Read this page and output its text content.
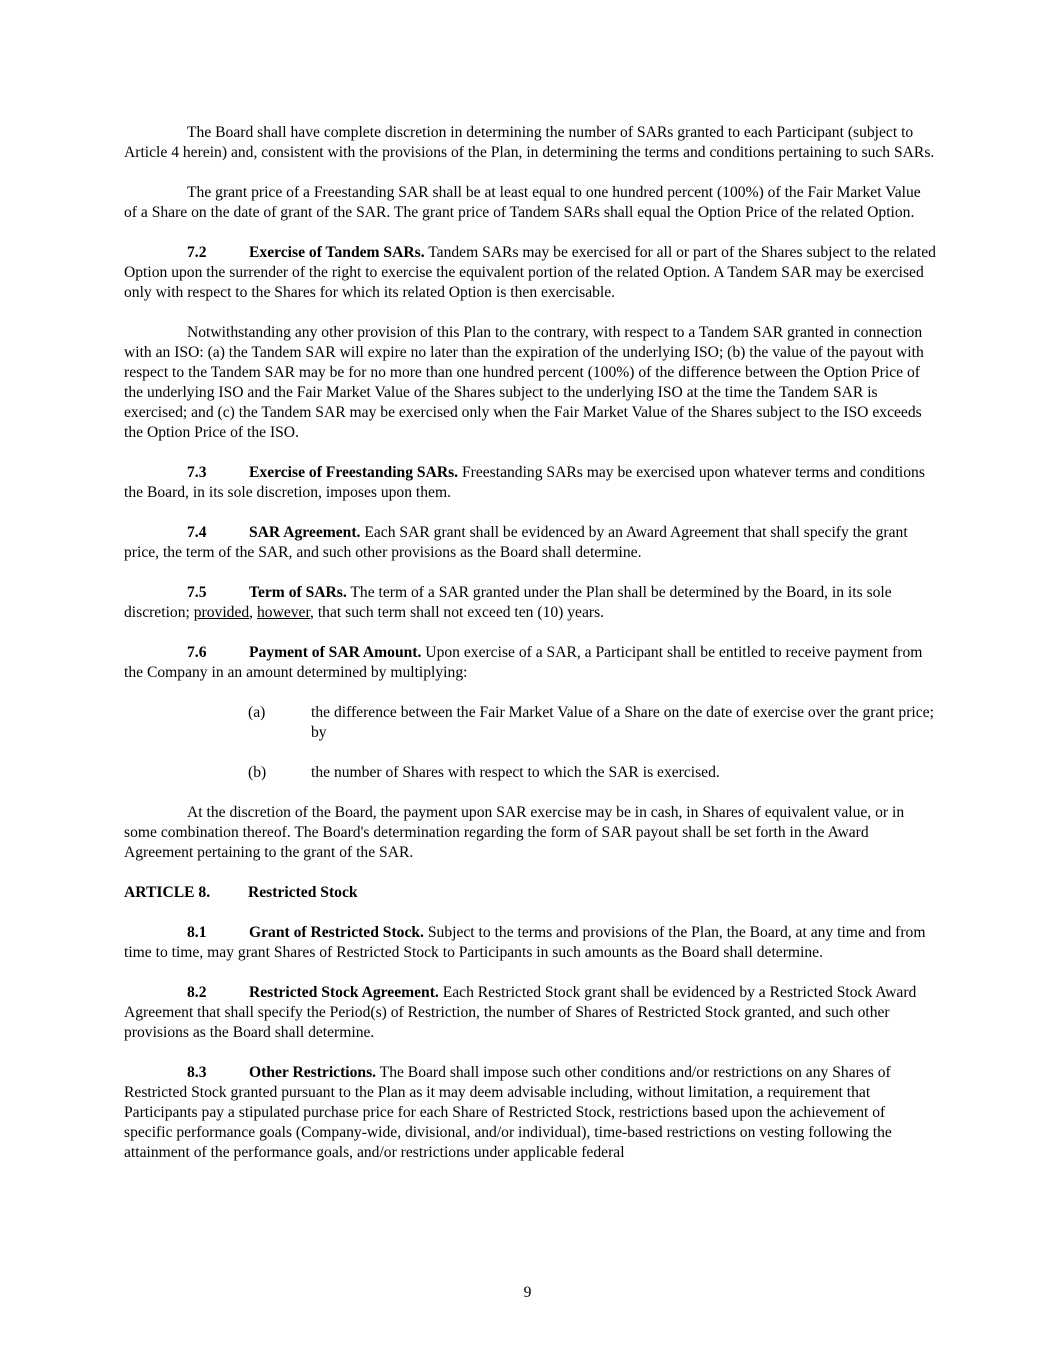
The Board shall have complete discretion in determining the number of SARs granted to each Participant (subject to Article 4 herein) and, consistent with the provisions of the Plan, in determining the terms and conditions pertaining to such SARs.

The grant price of a Freestanding SAR shall be at least equal to one hundred percent (100%) of the Fair Market Value of a Share on the date of grant of the SAR. The grant price of Tandem SARs shall equal the Option Price of the related Option.

7.2	Exercise of Tandem SARs. Tandem SARs may be exercised for all or part of the Shares subject to the related Option upon the surrender of the right to exercise the equivalent portion of the related Option. A Tandem SAR may be exercised only with respect to the Shares for which its related Option is then exercisable.

Notwithstanding any other provision of this Plan to the contrary, with respect to a Tandem SAR granted in connection with an ISO: (a) the Tandem SAR will expire no later than the expiration of the underlying ISO; (b) the value of the payout with respect to the Tandem SAR may be for no more than one hundred percent (100%) of the difference between the Option Price of the underlying ISO and the Fair Market Value of the Shares subject to the underlying ISO at the time the Tandem SAR is exercised; and (c) the Tandem SAR may be exercised only when the Fair Market Value of the Shares subject to the ISO exceeds the Option Price of the ISO.

7.3	Exercise of Freestanding SARs. Freestanding SARs may be exercised upon whatever terms and conditions the Board, in its sole discretion, imposes upon them.

7.4	SAR Agreement. Each SAR grant shall be evidenced by an Award Agreement that shall specify the grant price, the term of the SAR, and such other provisions as the Board shall determine.

7.5	Term of SARs. The term of a SAR granted under the Plan shall be determined by the Board, in its sole discretion; provided, however, that such term shall not exceed ten (10) years.

7.6	Payment of SAR Amount. Upon exercise of a SAR, a Participant shall be entitled to receive payment from the Company in an amount determined by multiplying:

(a)	the difference between the Fair Market Value of a Share on the date of exercise over the grant price; by
(b)	the number of Shares with respect to which the SAR is exercised.

At the discretion of the Board, the payment upon SAR exercise may be in cash, in Shares of equivalent value, or in some combination thereof. The Board's determination regarding the form of SAR payout shall be set forth in the Award Agreement pertaining to the grant of the SAR.

ARTICLE 8. Restricted Stock

8.1	Grant of Restricted Stock. Subject to the terms and provisions of the Plan, the Board, at any time and from time to time, may grant Shares of Restricted Stock to Participants in such amounts as the Board shall determine.

8.2	Restricted Stock Agreement. Each Restricted Stock grant shall be evidenced by a Restricted Stock Award Agreement that shall specify the Period(s) of Restriction, the number of Shares of Restricted Stock granted, and such other provisions as the Board shall determine.

8.3	Other Restrictions. The Board shall impose such other conditions and/or restrictions on any Shares of Restricted Stock granted pursuant to the Plan as it may deem advisable including, without limitation, a requirement that Participants pay a stipulated purchase price for each Share of Restricted Stock, restrictions based upon the achievement of specific performance goals (Company-wide, divisional, and/or individual), time-based restrictions on vesting following the attainment of the performance goals, and/or restrictions under applicable federal

9
